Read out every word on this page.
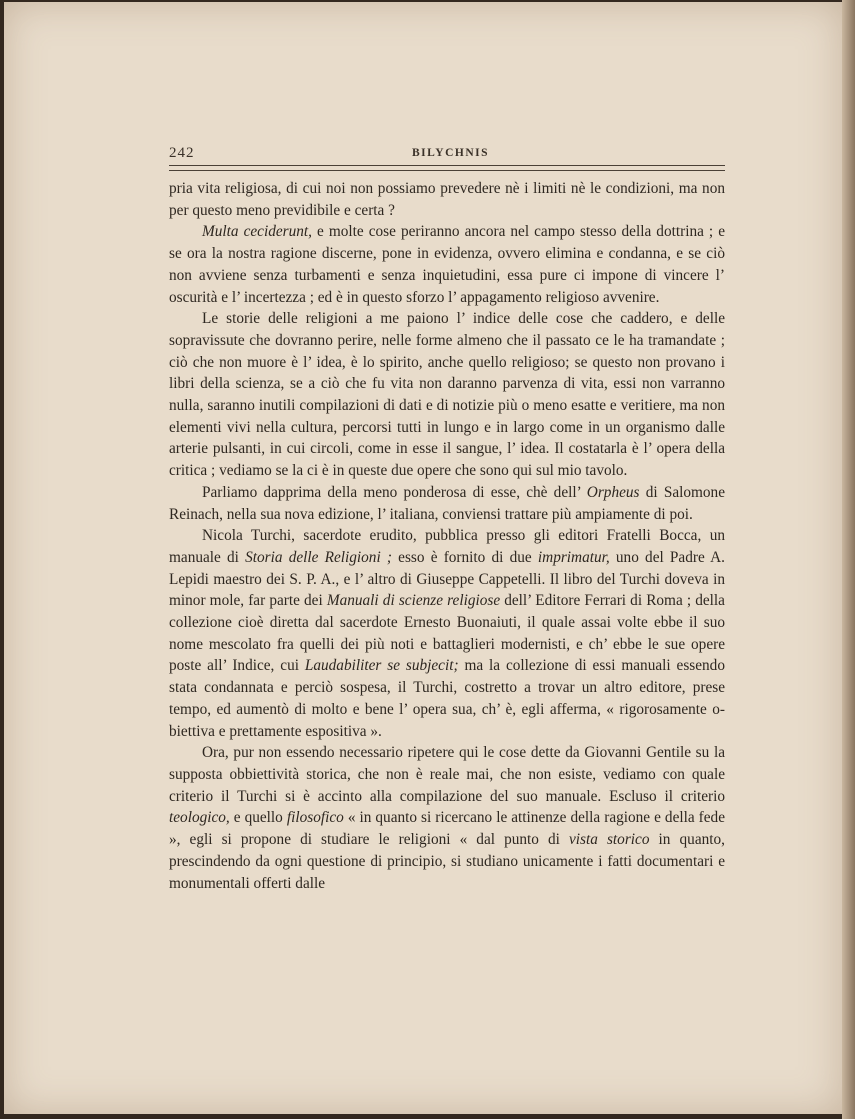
242	BILYCHNIS

pria vita religiosa, di cui noi non possiamo prevedere nè i limiti nè le condizioni, ma non per questo meno previdibile e certa ?

Multa ceciderunt, e molte cose periranno ancora nel campo stesso della dottrina ; e se ora la nostra ragione discerne, pone in evidenza, ovvero elimina e condanna, e se ciò non avviene senza turbamenti e senza inquietudini, essa pure ci impone di vincere l’ oscurità e l’ incertezza ; ed è in questo sforzo l’ appagamento religioso avvenire.

Le storie delle religioni a me paiono l’ indice delle cose che caddero, e delle sopravissute che dovranno perire, nelle forme almeno che il passato ce le ha tramandate ; ciò che non muore è l’ idea, è lo spirito, anche quello religioso; se questo non provano i libri della scienza, se a ciò che fu vita non daranno parvenza di vita, essi non varranno nulla, saranno inutili compilazioni di dati e di notizie più o meno esatte e veritiere, ma non elementi vivi nella cultura, percorsi tutti in lungo e in largo come in un organismo dalle arterie pulsanti, in cui circoli, come in esse il sangue, l’ idea. Il costatarla è l’ opera della critica ; vediamo se la ci è in queste due opere che sono qui sul mio tavolo.

Parliamo dapprima della meno ponderosa di esse, chè dell’ Orpheus di Salomone Reinach, nella sua nova edizione, l’ italiana, conviensi trattare più ampiamente di poi.

Nicola Turchi, sacerdote erudito, pubblica presso gli editori Fratelli Bocca, un manuale di Storia delle Religioni ; esso è fornito di due imprimatur, uno del Padre A. Lepidi maestro dei S. P. A., e l’ altro di Giuseppe Cappetelli. Il libro del Turchi doveva in minor mole, far parte dei Manuali di scienze religiose dell’ Editore Ferrari di Roma ; della collezione cioè diretta dal sacerdote Ernesto Buonaiuti, il quale assai volte ebbe il suo nome mescolato fra quelli dei più noti e battaglieri modernisti, e ch’ ebbe le sue opere poste all’ Indice, cui Laudabiliter se subjecit; ma la collezione di essi manuali essendo stata condannata e perciò sospesa, il Turchi, costretto a trovar un altro editore, prese tempo, ed aumentò di molto e bene l’ opera sua, ch’ è, egli afferma, « rigorosamente obiettiva e prettamente espositiva ».

Ora, pur non essendo necessario ripetere qui le cose dette da Giovanni Gentile su la supposta obbiettività storica, che non è reale mai, che non esiste, vediamo con quale criterio il Turchi si è accinto alla compilazione del suo manuale. Escluso il criterio teologico, e quello filosofico « in quanto si ricercano le attinenze della ragione e della fede », egli si propone di studiare le religioni « dal punto di vista storico in quanto, prescindendo da ogni questione di principio, si studiano unicamente i fatti documentari e monumentali offerti dalle
